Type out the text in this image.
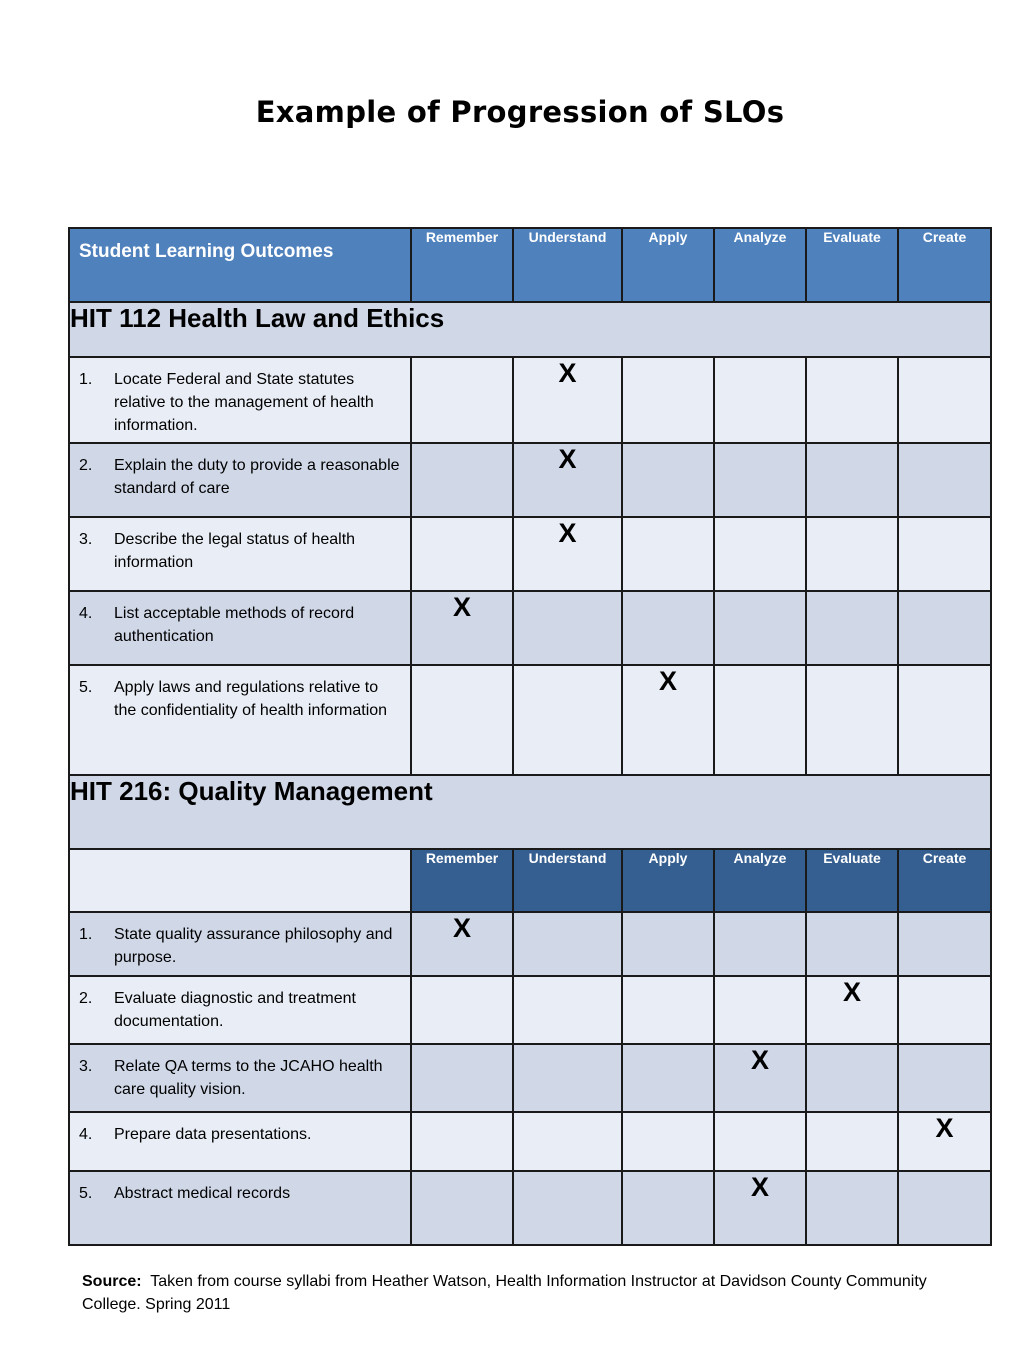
Example of Progression of SLOs
Student Learning Outcomes	Remember	Understand	Apply	Analyze	Evaluate	Create
HIT 112 Health Law and Ethics						

1. Locate Federal and State statutes relative to the management of health information.		X				

2. Explain the duty to provide a reasonable standard of care		X				

3. Describe the legal status of health information		X				

4. List acceptable methods of record authentication	X					

5. Apply laws and regulations relative to the confidentiality of health information			X			
HIT 216: Quality Management						
	Remember	Understand	Apply	Analyze	Evaluate	Create

1. State quality assurance philosophy and purpose.	X					

2. Evaluate diagnostic and treatment documentation.					X	

3. Relate QA terms to the JCAHO health care quality vision.				X		

4. Prepare data presentations.						X

5. Abstract medical records				X		
Source: Taken from course syllabi from Heather Watson, Health Information Instructor at Davidson County Community College. Spring 2011
